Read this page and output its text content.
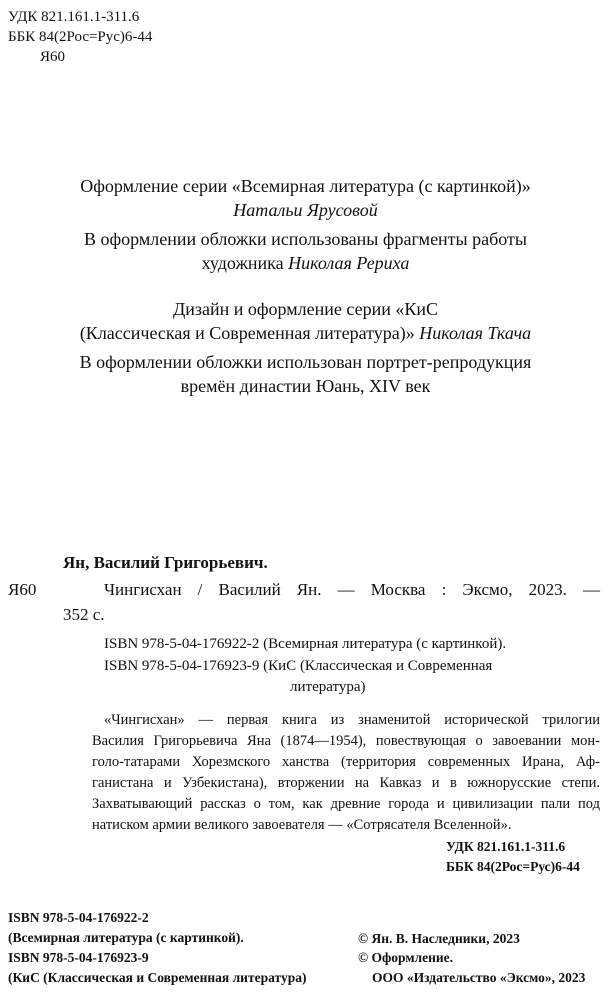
УДК 821.161.1-311.6
ББК 84(2Рос=Рус)6-44
Я60
Оформление серии «Всемирная литература (с картинкой)»
Натальи Ярусовой
В оформлении обложки использованы фрагменты работы
художника Николая Рериха
Дизайн и оформление серии «КиС
(Классическая и Современная литература)» Николая Ткача
В оформлении обложки использован портрет-репродукция
времён династии Юань, XIV век
Ян, Василий Григорьевич.
Я60	Чингисхан / Василий Ян. — Москва : Эксмо, 2023. —
352 с.
ISBN 978-5-04-176922-2 (Всемирная литература (с картинкой).
ISBN 978-5-04-176923-9 (КиС (Классическая и Современная
литература)
«Чингисхан» — первая книга из знаменитой исторической трилогии
Василия Григорьевича Яна (1874—1954), повествующая о завоевании мон-
голо-татарами Хорезмского ханства (территория современных Ирана, Аф-
ганистана и Узбекистана), вторжении на Кавказ и в южнорусские степи.
Захватывающий рассказ о том, как древние города и цивилизации пали под
натиском армии великого завоевателя — «Сотрясателя Вселенной».
УДК 821.161.1-311.6
ББК 84(2Рос=Рус)6-44
ISBN 978-5-04-176922-2
(Всемирная литература (с картинкой).
ISBN 978-5-04-176923-9
(КиС (Классическая и Современная литература)
© Ян. В. Наследники, 2023
© Оформление.
ООО «Издательство «Эксмо», 2023
